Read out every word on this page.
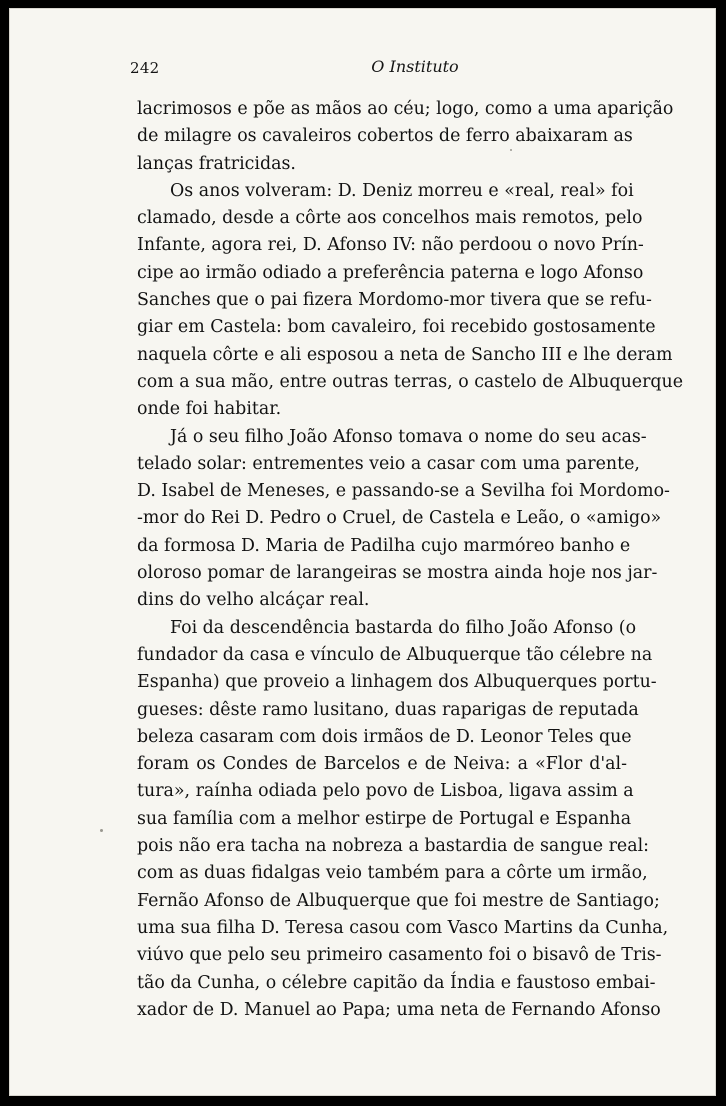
242	O Instituto
lacrimosos e põe as mãos ao céu; logo, como a uma aparição
de milagre os cavaleiros cobertos de ferro abaixaram as
lanças fratricidas.
Os anos volveram: D. Deniz morreu e «real, real» foi
clamado, desde a côrte aos concelhos mais remotos, pelo
Infante, agora rei, D. Afonso IV: não perdoou o novo Prín-
cipe ao irmão odiado a preferência paterna e logo Afonso
Sanches que o pai fizera Mordomo-mor tivera que se refu-
giar em Castela: bom cavaleiro, foi recebido gostosamente
naquela côrte e ali esposou a neta de Sancho III e lhe deram
com a sua mão, entre outras terras, o castelo de Albuquerque
onde foi habitar.
Já o seu filho João Afonso tomava o nome do seu acas-
telado solar: entrementes veio a casar com uma parente,
D. Isabel de Meneses, e passando-se a Sevilha foi Mordomo-
-mor do Rei D. Pedro o Cruel, de Castela e Leão, o «amigo»
da formosa D. Maria de Padilha cujo marmóreo banho e
oloroso pomar de larangeiras se mostra ainda hoje nos jar-
dins do velho alcáçar real.
Foi da descendência bastarda do filho João Afonso (o
fundador da casa e vínculo de Albuquerque tão célebre na
Espanha) que proveio a linhagem dos Albuquerques portu-
gueses: dêste ramo lusitano, duas raparigas de reputada
beleza casaram com dois irmãos de D. Leonor Teles que
foram os Condes de Barcelos e de Neiva: a «Flor d'al-
tura», raínha odiada pelo povo de Lisboa, ligava assim a
sua família com a melhor estirpe de Portugal e Espanha
pois não era tacha na nobreza a bastardia de sangue real:
com as duas fidalgas veio também para a côrte um irmão,
Fernão Afonso de Albuquerque que foi mestre de Santiago;
uma sua filha D. Teresa casou com Vasco Martins da Cunha,
viúvo que pelo seu primeiro casamento foi o bisavô de Tris-
tão da Cunha, o célebre capitão da Índia e faustoso embai-
xador de D. Manuel ao Papa; uma neta de Fernando Afonso
